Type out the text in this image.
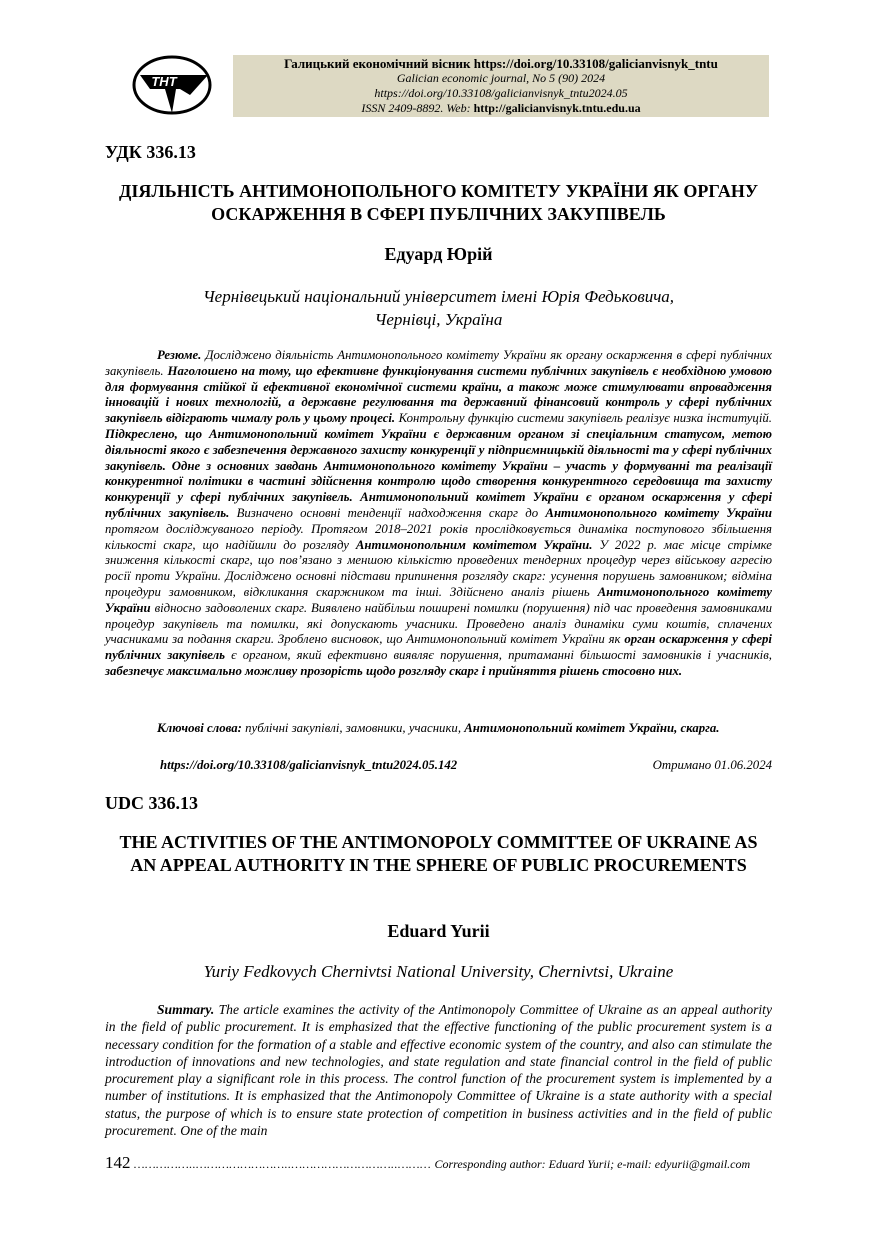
ТНТ
Галицький економічний вісник https://doi.org/10.33108/galicianvisnyk_tntu
Galician economic journal, No 5 (90) 2024
https://doi.org/10.33108/galicianvisnyk_tntu2024.05
ISSN 2409-8892. Web: http://galicianvisnyk.tntu.edu.ua
УДК 336.13
ДІЯЛЬНІСТЬ АНТИМОНОПОЛЬНОГО КОМІТЕТУ УКРАЇНИ ЯК ОРГАНУ ОСКАРЖЕННЯ В СФЕРІ ПУБЛІЧНИХ ЗАКУПІВЕЛЬ
Едуард Юрій
Чернівецький національний університет імені Юрія Федьковича,
Чернівці, Україна
Резюме. Досліджено діяльність Антимонопольного комітету України як органу оскарження в сфері публічних закупівель. Наголошено на тому, що ефективне функціонування системи публічних закупівель є необхідною умовою для формування стійкої й ефективної економічної системи країни, а також може стимулювати впровадження інновацій і нових технологій, а державне регулювання та державний фінансовий контроль у сфері публічних закупівель відіграють чималу роль у цьому процесі. Контрольну функцію системи закупівель реалізує низка інституцій. Підкреслено, що Антимонопольний комітет України є державним органом зі спеціальним статусом, метою діяльності якого є забезпечення державного захисту конкуренції у підприємницькій діяльності та у сфері публічних закупівель. Одне з основних завдань Антимонопольного комітету України – участь у формуванні та реалізації конкурентної політики в частині здійснення контролю щодо створення конкурентного середовища та захисту конкуренції у сфері публічних закупівель. Антимонопольний комітет України є органом оскарження у сфері публічних закупівель. Визначено основні тенденції надходження скарг до Антимонопольного комітету України протягом досліджуваного періоду. Протягом 2018–2021 років прослідковується динаміка поступового збільшення кількості скарг, що надійшли до розгляду Антимонопольним комітетом України. У 2022 р. має місце стрімке зниження кількості скарг, що пов’язано з меншою кількістю проведених тендерних процедур через військову агресію росії проти України. Досліджено основні підстави припинення розгляду скарг: усунення порушень замовником; відміна процедури замовником, відкликання скаржником та інші. Здійснено аналіз рішень Антимонопольного комітету України відносно задоволених скарг. Виявлено найбільш поширені помилки (порушення) під час проведення замовниками процедур закупівель та помилки, які допускають учасники. Проведено аналіз динаміки суми коштів, сплачених учасниками за подання скарги. Зроблено висновок, що Антимонопольний комітет України як орган оскарження у сфері публічних закупівель є органом, який ефективно виявляє порушення, притаманні більшості замовників і учасників, забезпечує максимально можливу прозорість щодо розгляду скарг і прийняття рішень стосовно них.
Ключові слова: публічні закупівлі, замовники, учасники, Антимонопольний комітет України, скарга.
https://doi.org/10.33108/galicianvisnyk_tntu2024.05.142	Отримано 01.06.2024
UDC 336.13
THE ACTIVITIES OF THE ANTIMONOPOLY COMMITTEE OF UKRAINE AS AN APPEAL AUTHORITY IN THE SPHERE OF PUBLIC PROCUREMENTS
Eduard Yurii
Yuriy Fedkovych Chernivtsi National University, Chernivtsi, Ukraine
Summary. The article examines the activity of the Antimonopoly Committee of Ukraine as an appeal authority in the field of public procurement. It is emphasized that the effective functioning of the public procurement system is a necessary condition for the formation of a stable and effective economic system of the country, and also can stimulate the introduction of innovations and new technologies, and state regulation and state financial control in the field of public procurement play a significant role in this process. The control function of the procurement system is implemented by a number of institutions. It is emphasized that the Antimonopoly Committee of Ukraine is a state authority with a special status, the purpose of which is to ensure state protection of competition in business activities and in the field of public procurement. One of the main
142 ……………..……………………..………………………..……… Corresponding author: Eduard Yurii; e-mail: edyurii@gmail.com
